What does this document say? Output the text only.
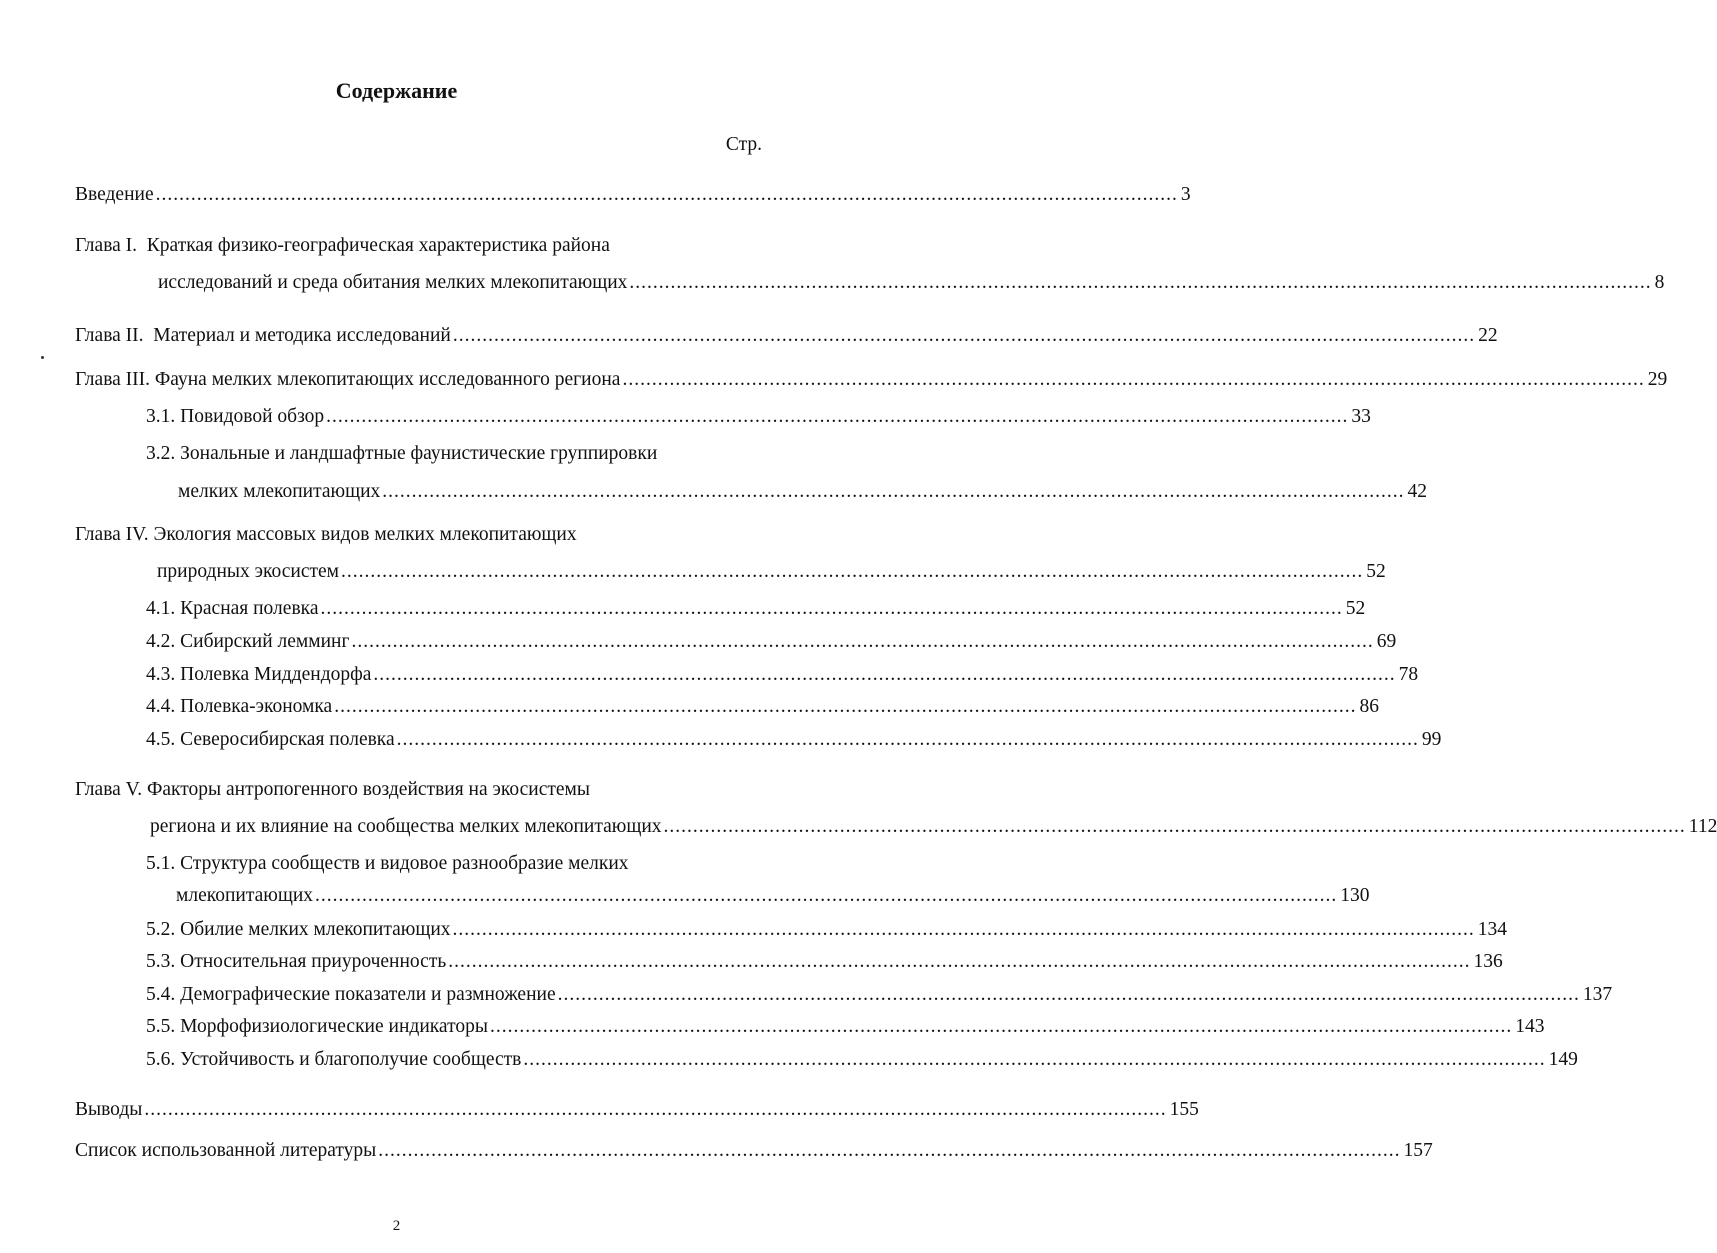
Содержание
Стр.
Введение .............................................................................................................................................................................. 3
Глава I.  Краткая физико-географическая характеристика района
исследований и среда обитания мелких млекопитающих .............................................................................................................................................................................. 8
Глава II.  Материал и методика исследований .............................................................................................................................................................................. 22
Глава III. Фауна мелких млекопитающих исследованного региона .............................................................................................................................................................................. 29
3.1. Повидовой обзор .............................................................................................................................................................................. 33
3.2. Зональные и ландшафтные фаунистические группировки
мелких млекопитающих .............................................................................................................................................................................. 42
Глава IV. Экология массовых видов мелких млекопитающих
природных экосистем .............................................................................................................................................................................. 52
4.1. Красная полевка .............................................................................................................................................................................. 52
4.2. Сибирский лемминг .............................................................................................................................................................................. 69
4.3. Полевка Миддендорфа .............................................................................................................................................................................. 78
4.4. Полевка-экономка .............................................................................................................................................................................. 86
4.5. Северосибирская полевка .............................................................................................................................................................................. 99
Глава V. Факторы антропогенного воздействия на экосистемы
региона и их влияние на сообщества мелких млекопитающих .............................................................................................................................................................................. 112
5.1. Структура сообществ и видовое разнообразие мелких
млекопитающих .............................................................................................................................................................................. 130
5.2. Обилие мелких млекопитающих .............................................................................................................................................................................. 134
5.3. Относительная приуроченность .............................................................................................................................................................................. 136
5.4. Демографические показатели и размножение .............................................................................................................................................................................. 137
5.5. Морфофизиологические индикаторы .............................................................................................................................................................................. 143
5.6. Устойчивость и благополучие сообществ .............................................................................................................................................................................. 149
Выводы .............................................................................................................................................................................. 155
Список использованной литературы .............................................................................................................................................................................. 157
2
